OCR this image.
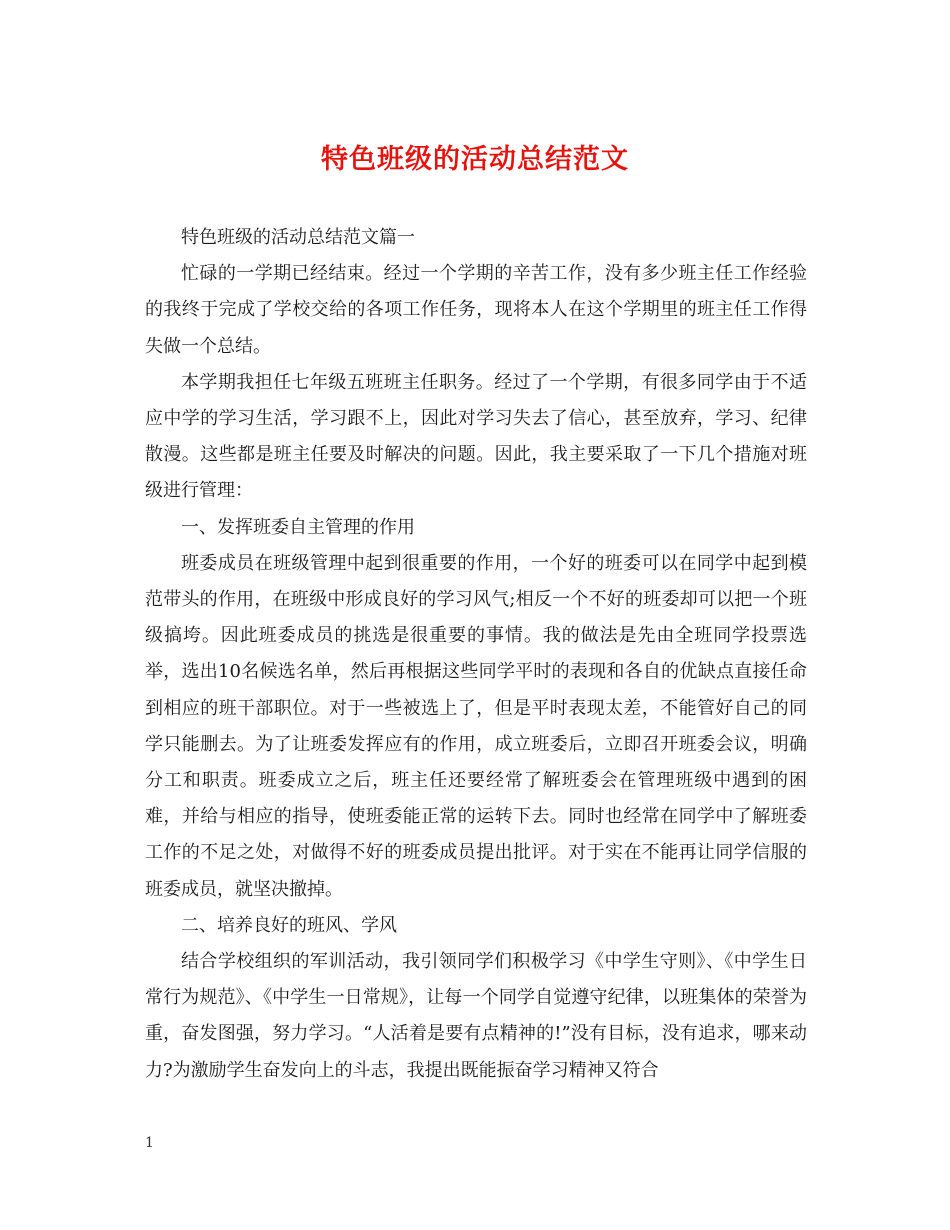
特色班级的活动总结范文

特色班级的活动总结范文篇一

忙碌的一学期已经结束。经过一个学期的辛苦工作，没有多少班主任工作经验的我终于完成了学校交给的各项工作任务，现将本人在这个学期里的班主任工作得失做一个总结。

本学期我担任七年级五班班主任职务。经过了一个学期，有很多同学由于不适应中学的学习生活，学习跟不上，因此对学习失去了信心，甚至放弃，学习、纪律散漫。这些都是班主任要及时解决的问题。因此，我主要采取了一下几个措施对班级进行管理：

一、发挥班委自主管理的作用

班委成员在班级管理中起到很重要的作用，一个好的班委可以在同学中起到模范带头的作用，在班级中形成良好的学习风气;相反一个不好的班委却可以把一个班级搞垮。因此班委成员的挑选是很重要的事情。我的做法是先由全班同学投票选举，选出10名候选名单，然后再根据这些同学平时的表现和各自的优缺点直接任命到相应的班干部职位。对于一些被选上了，但是平时表现太差，不能管好自己的同学只能删去。为了让班委发挥应有的作用，成立班委后，立即召开班委会议，明确分工和职责。班委成立之后，班主任还要经常了解班委会在管理班级中遇到的困难，并给与相应的指导，使班委能正常的运转下去。同时也经常在同学中了解班委工作的不足之处，对做得不好的班委成员提出批评。对于实在不能再让同学信服的班委成员，就坚决撤掉。

二、培养良好的班风、学风

结合学校组织的军训活动，我引领同学们积极学习《中学生守则》、《中学生日常行为规范》、《中学生一日常规》，让每一个同学自觉遵守纪律，以班集体的荣誉为重，奋发图强，努力学习。“人活着是要有点精神的!”没有目标，没有追求，哪来动力?为激励学生奋发向上的斗志，我提出既能振奋学习精神又符合

1
